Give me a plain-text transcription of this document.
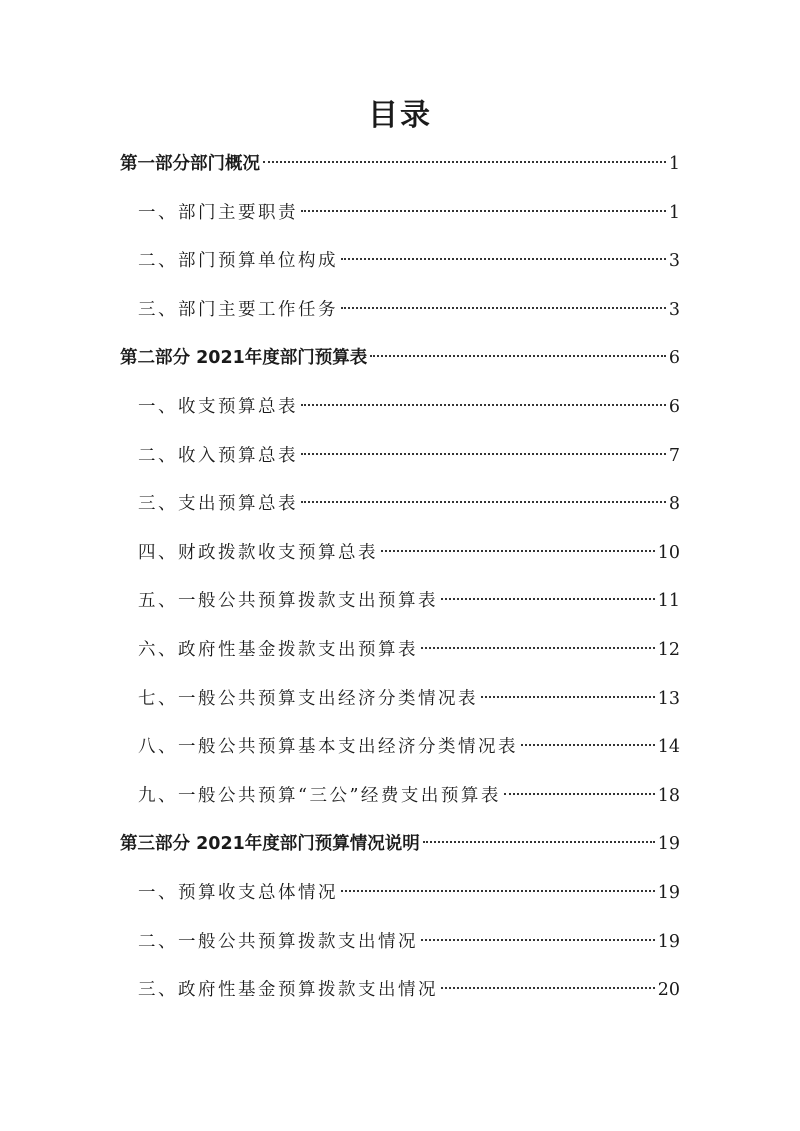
目录
第一部分部门概况	1
一、部门主要职责	1
二、部门预算单位构成	3
三、部门主要工作任务	3
第二部分 2021年度部门预算表	6
一、收支预算总表	6
二、收入预算总表	7
三、支出预算总表	8
四、财政拨款收支预算总表	10
五、一般公共预算拨款支出预算表	11
六、政府性基金拨款支出预算表	12
七、一般公共预算支出经济分类情况表	13
八、一般公共预算基本支出经济分类情况表	14
九、一般公共预算“三公”经费支出预算表	18
第三部分 2021年度部门预算情况说明	19
一、预算收支总体情况	19
二、一般公共预算拨款支出情况	19
三、政府性基金预算拨款支出情况	20
